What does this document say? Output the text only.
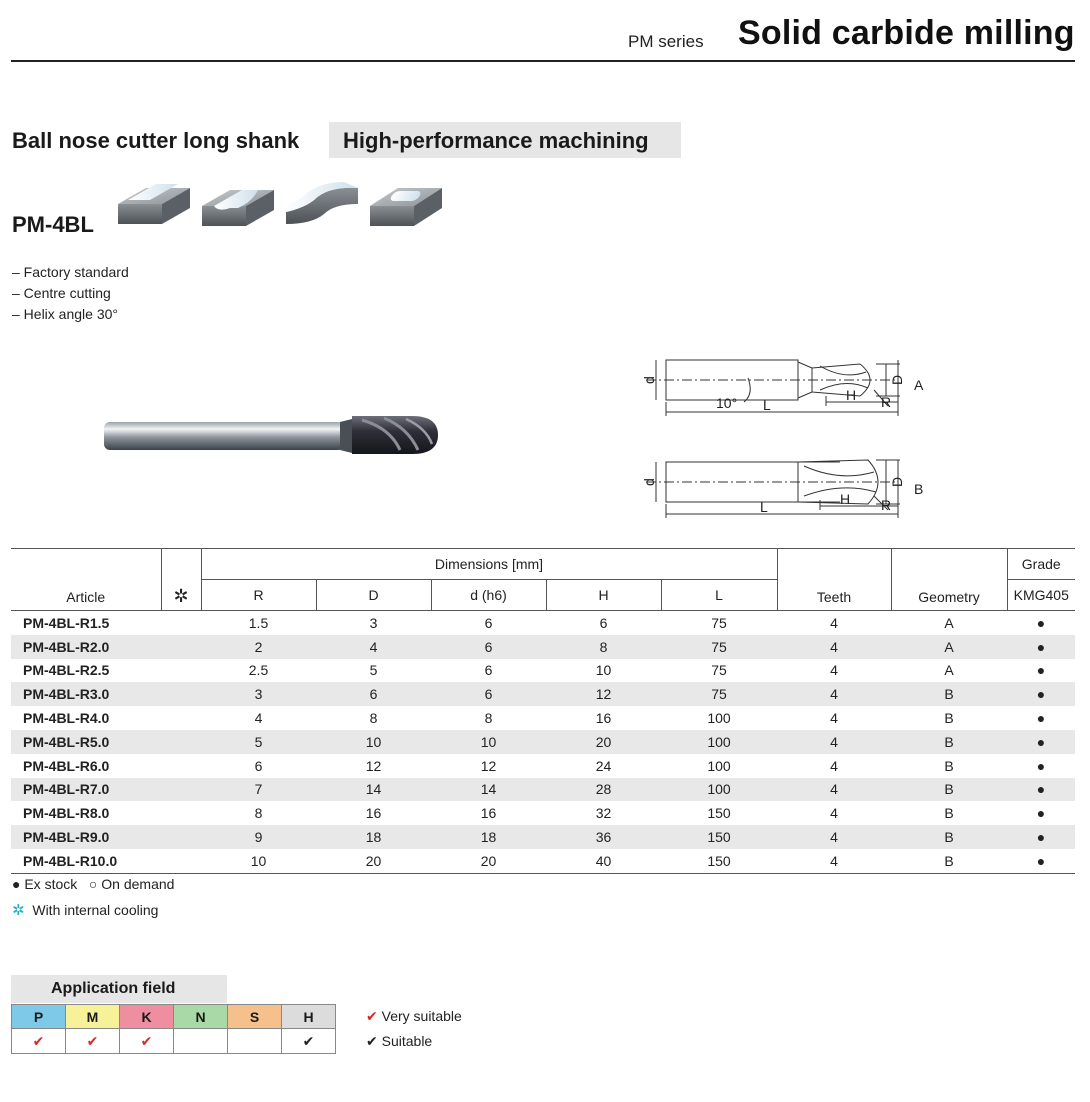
PM series Solid carbide milling
Ball nose cutter long shank High-performance machining
PM-4BL
– Factory standard
– Centre cutting
– Helix angle 30°
d
10° L
H R
D
d
L	H R
D
A
B
Article	✲	Dimensions [mm]					Teeth	Geometry	Grade
		R	D	d (h6)	H	L			KMG405
PM-4BL-R1.5		1.5	3	6	6	75	4	A	●
PM-4BL-R2.0		2	4	6	8	75	4	A	●
PM-4BL-R2.5		2.5	5	6	10	75	4	A	●
PM-4BL-R3.0		3	6	6	12	75	4	B	●
PM-4BL-R4.0		4	8	8	16	100	4	B	●
PM-4BL-R5.0		5	10	10	20	100	4	B	●
PM-4BL-R6.0		6	12	12	24	100	4	B	●
PM-4BL-R7.0		7	14	14	28	100	4	B	●
PM-4BL-R8.0		8	16	16	32	150	4	B	●
PM-4BL-R9.0		9	18	18	36	150	4	B	●
PM-4BL-R10.0		10	20	20	40	150	4	B	●
● Ex stock ○ On demand
✲ With internal cooling
Application field
P	M	K	N	S	H
✔	✔	✔			✔
✔ Very suitable
✔ Suitable
